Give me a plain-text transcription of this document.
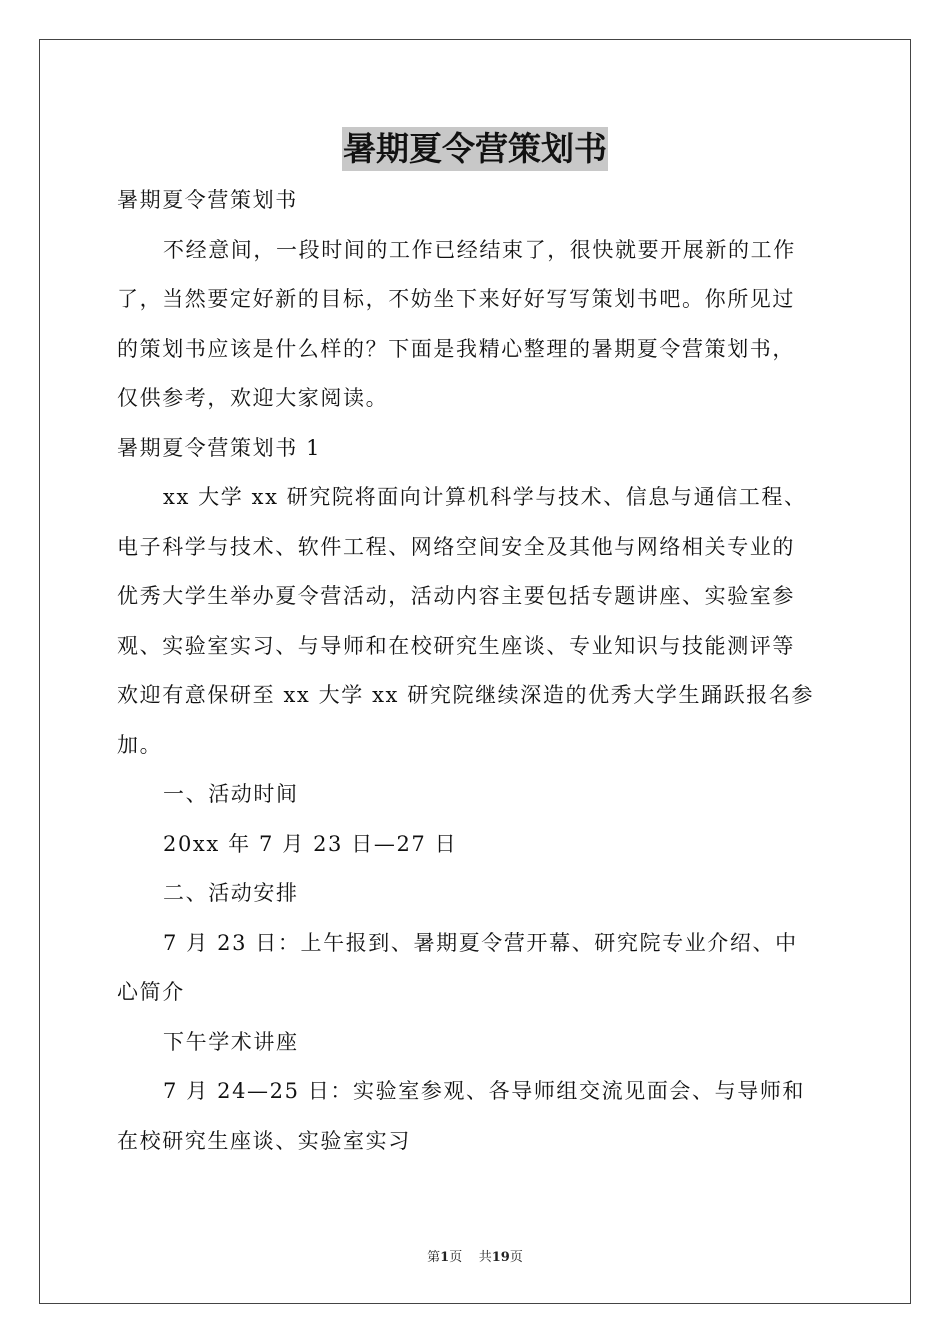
暑期夏令营策划书
暑期夏令营策划书
不经意间，一段时间的工作已经结束了，很快就要开展新的工作
了，当然要定好新的目标，不妨坐下来好好写写策划书吧。你所见过
的策划书应该是什么样的？下面是我精心整理的暑期夏令营策划书，
仅供参考，欢迎大家阅读。
暑期夏令营策划书 1
xx 大学 xx 研究院将面向计算机科学与技术、信息与通信工程、
电子科学与技术、软件工程、网络空间安全及其他与网络相关专业的
优秀大学生举办夏令营活动，活动内容主要包括专题讲座、实验室参
观、实验室实习、与导师和在校研究生座谈、专业知识与技能测评等
欢迎有意保研至 xx 大学 xx 研究院继续深造的优秀大学生踊跃报名参
加。
一、活动时间
20xx 年 7 月 23 日—27 日
二、活动安排
7 月 23 日：上午报到、暑期夏令营开幕、研究院专业介绍、中
心简介
下午学术讲座
7 月 24—25 日：实验室参观、各导师组交流见面会、与导师和
在校研究生座谈、实验室实习
第1页 共19页
